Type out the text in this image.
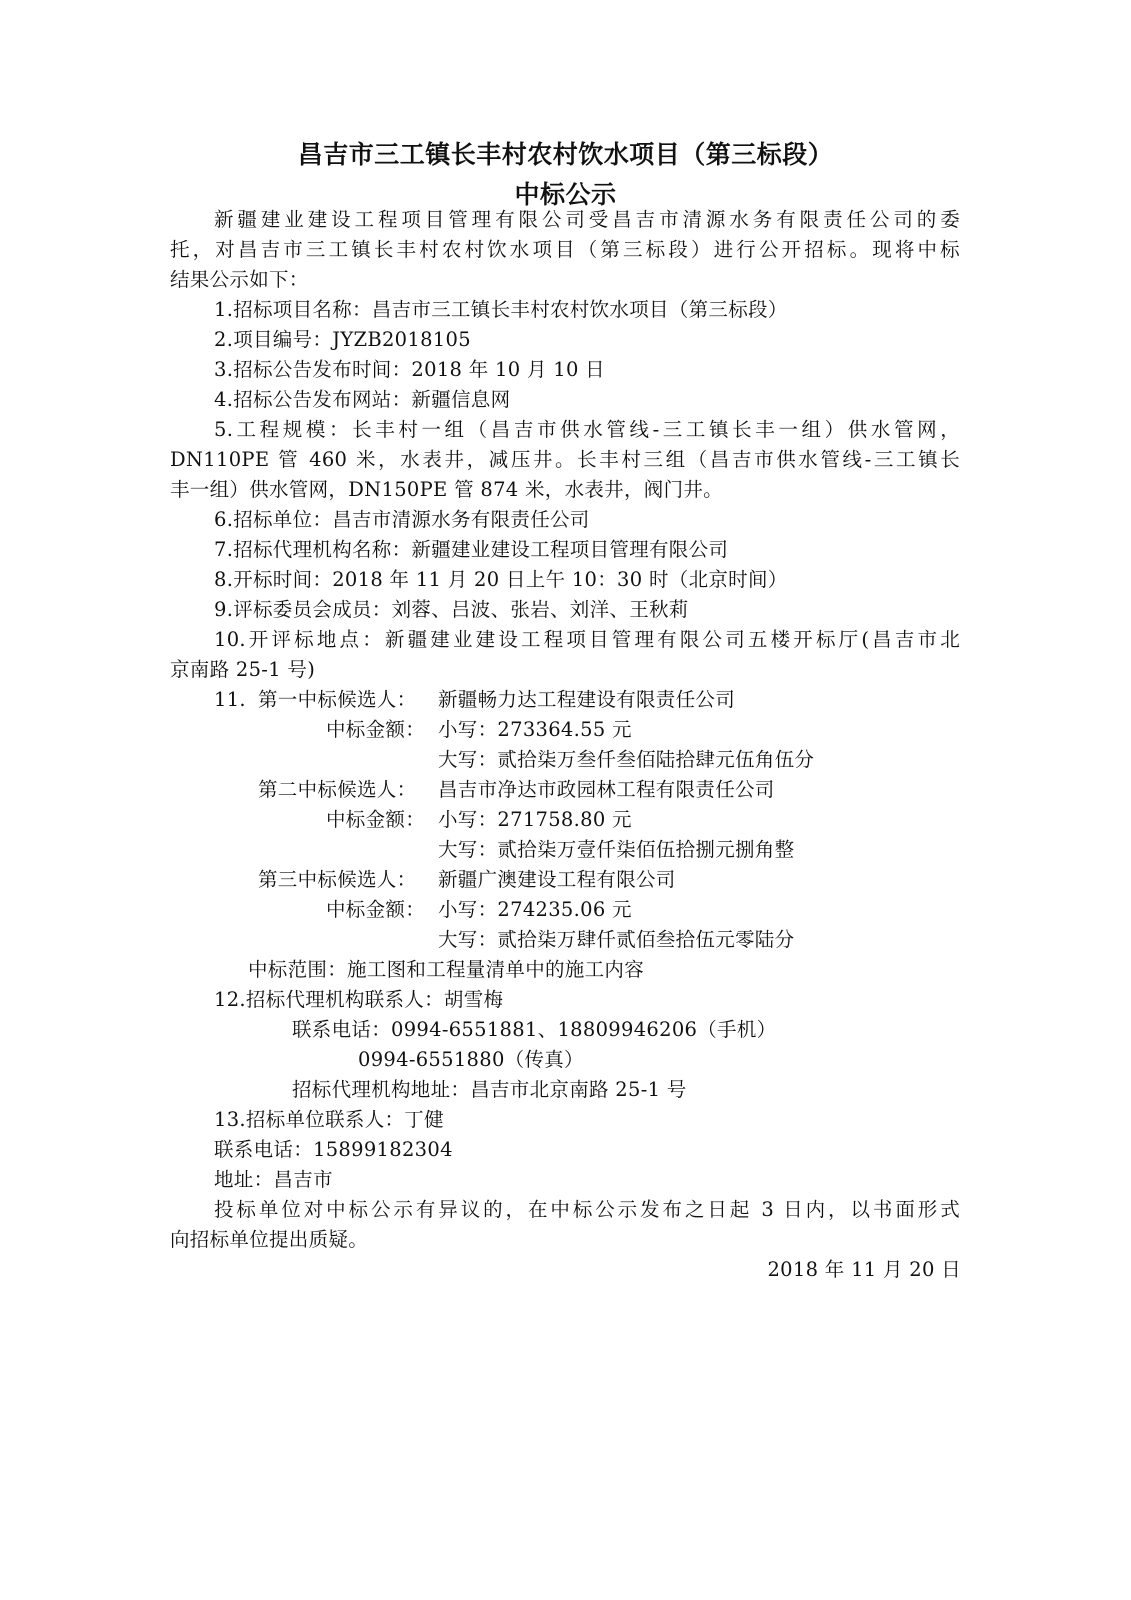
昌吉市三工镇长丰村农村饮水项目（第三标段）
中标公示
新疆建业建设工程项目管理有限公司受昌吉市清源水务有限责任公司的委
托，对昌吉市三工镇长丰村农村饮水项目（第三标段）进行公开招标。现将中标
结果公示如下：
1.招标项目名称：昌吉市三工镇长丰村农村饮水项目（第三标段）
2.项目编号：JYZB2018105
3.招标公告发布时间：2018 年 10 月 10 日
4.招标公告发布网站：新疆信息网
5.工程规模：长丰村一组（昌吉市供水管线-三工镇长丰一组）供水管网，
DN110PE 管 460 米，水表井，减压井。长丰村三组（昌吉市供水管线-三工镇长
丰一组）供水管网，DN150PE 管 874 米，水表井，阀门井。
6.招标单位：昌吉市清源水务有限责任公司
7.招标代理机构名称：新疆建业建设工程项目管理有限公司
8.开标时间：2018 年 11 月 20 日上午 10：30 时（北京时间）
9.评标委员会成员：刘蓉、吕波、张岩、刘洋、王秋莉
10.开评标地点：新疆建业建设工程项目管理有限公司五楼开标厅(昌吉市北
京南路 25-1 号)
11. 第一中标候选人：	新疆畅力达工程建设有限责任公司
中标金额： 小写：273364.55 元
大写：贰拾柒万叁仟叁佰陆拾肆元伍角伍分
第二中标候选人：	昌吉市净达市政园林工程有限责任公司
中标金额： 小写：271758.80 元
大写：贰拾柒万壹仟柒佰伍拾捌元捌角整
第三中标候选人：	新疆广澳建设工程有限公司
中标金额： 小写：274235.06 元
大写：贰拾柒万肆仟贰佰叁拾伍元零陆分
中标范围：施工图和工程量清单中的施工内容
12.招标代理机构联系人：胡雪梅
联系电话：0994-6551881、18809946206（手机）
0994-6551880（传真）
招标代理机构地址：昌吉市北京南路 25-1 号
13.招标单位联系人：丁健
联系电话：15899182304
地址：昌吉市
投标单位对中标公示有异议的，在中标公示发布之日起 3 日内，以书面形式
向招标单位提出质疑。
2018 年 11 月 20 日
